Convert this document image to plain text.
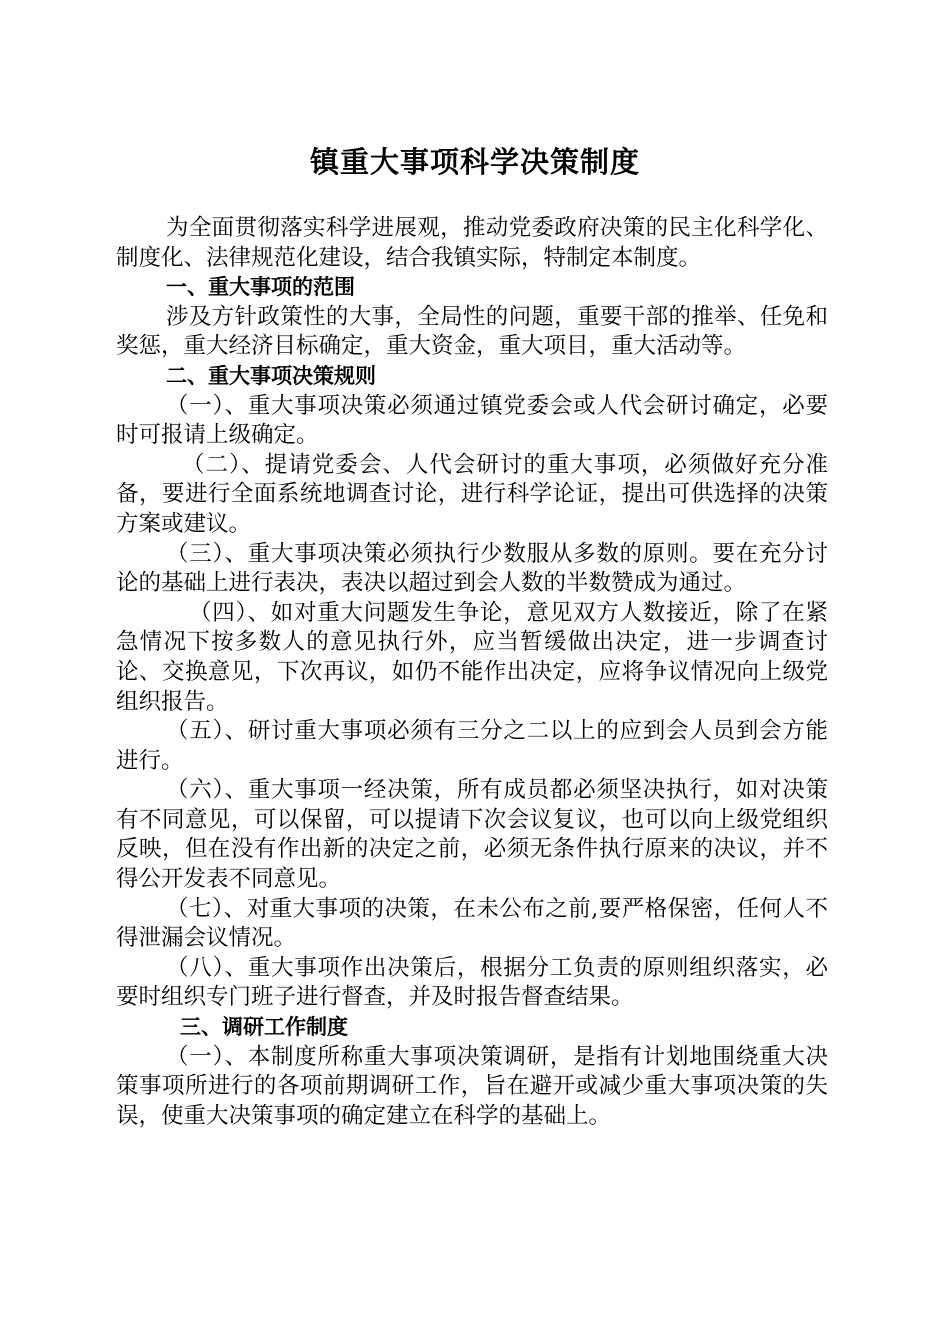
镇重大事项科学决策制度

为全面贯彻落实科学进展观，推动党委政府决策的民主化科学化、制度化、法律规范化建设，结合我镇实际，特制定本制度。

一、重大事项的范围

涉及方针政策性的大事，全局性的问题，重要干部的推举、任免和奖惩，重大经济目标确定，重大资金，重大项目，重大活动等。

二、重大事项决策规则

（一）、重大事项决策必须通过镇党委会或人代会研讨确定，必要时可报请上级确定。

（二）、提请党委会、人代会研讨的重大事项，必须做好充分准备，要进行全面系统地调查讨论，进行科学论证，提出可供选择的决策方案或建议。

（三）、重大事项决策必须执行少数服从多数的原则。要在充分讨论的基础上进行表决，表决以超过到会人数的半数赞成为通过。

（四）、如对重大问题发生争论，意见双方人数接近，除了在紧急情况下按多数人的意见执行外，应当暂缓做出决定，进一步调查讨论、交换意见，下次再议，如仍不能作出决定，应将争议情况向上级党组织报告。

（五）、研讨重大事项必须有三分之二以上的应到会人员到会方能进行。

（六）、重大事项一经决策，所有成员都必须坚决执行，如对决策有不同意见，可以保留，可以提请下次会议复议，也可以向上级党组织反映，但在没有作出新的决定之前，必须无条件执行原来的决议，并不得公开发表不同意见。

（七）、对重大事项的决策，在未公布之前,要严格保密，任何人不得泄漏会议情况。

（八）、重大事项作出决策后，根据分工负责的原则组织落实，必要时组织专门班子进行督查，并及时报告督查结果。

三、调研工作制度

（一）、本制度所称重大事项决策调研，是指有计划地围绕重大决策事项所进行的各项前期调研工作，旨在避开或减少重大事项决策的失误，使重大决策事项的确定建立在科学的基础上。
